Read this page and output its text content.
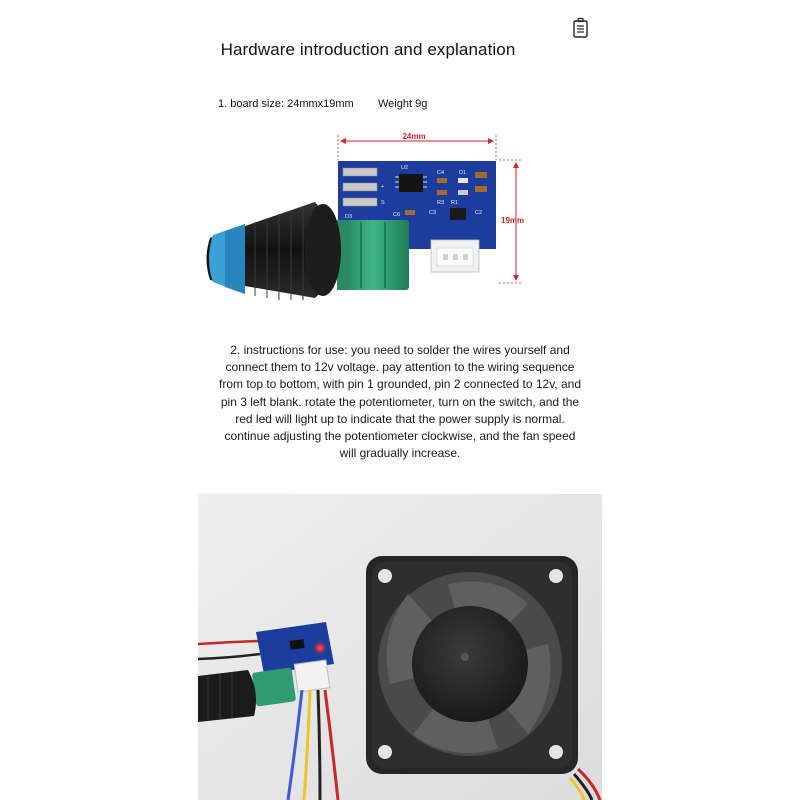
Hardware introduction and explanation
1. board size: 24mmx19mm Weight 9g
24mm
19mm
+
S
U2
C4	D1
R3 R1
C6	C3	C2
D3
2. instructions for use: you need to solder the wires yourself and connect them to 12v voltage. pay attention to the wiring sequence from top to bottom, with pin 1 grounded, pin 2 connected to 12v, and pin 3 left blank. rotate the potentiometer, turn on the switch, and the red led will light up to indicate that the power supply is normal. continue adjusting the potentiometer clockwise, and the fan speed will gradually increase.
